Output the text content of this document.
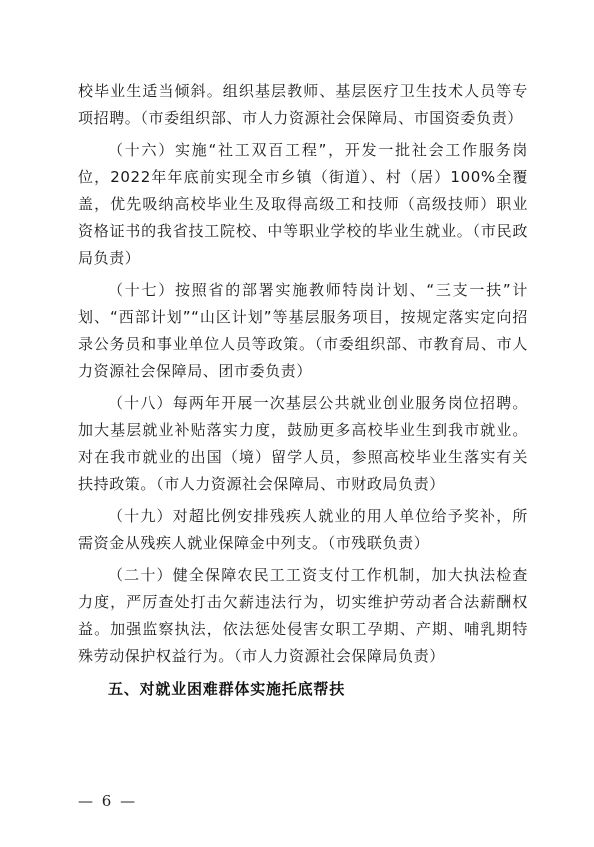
校毕业生适当倾斜。组织基层教师、基层医疗卫生技术人员等专项招聘。（市委组织部、市人力资源社会保障局、市国资委负责）

（十六）实施“社工双百工程”，开发一批社会工作服务岗位，2022年年底前实现全市乡镇（街道）、村（居）100%全覆盖，优先吸纳高校毕业生及取得高级工和技师（高级技师）职业资格证书的我省技工院校、中等职业学校的毕业生就业。（市民政局负责）

（十七）按照省的部署实施教师特岗计划、“三支一扶”计划、“西部计划”“山区计划”等基层服务项目，按规定落实定向招录公务员和事业单位人员等政策。（市委组织部、市教育局、市人力资源社会保障局、团市委负责）

（十八）每两年开展一次基层公共就业创业服务岗位招聘。加大基层就业补贴落实力度，鼓励更多高校毕业生到我市就业。对在我市就业的出国（境）留学人员，参照高校毕业生落实有关扶持政策。（市人力资源社会保障局、市财政局负责）

（十九）对超比例安排残疾人就业的用人单位给予奖补，所需资金从残疾人就业保障金中列支。（市残联负责）

（二十）健全保障农民工工资支付工作机制，加大执法检查力度，严厉查处打击欠薪违法行为，切实维护劳动者合法薪酬权益。加强监察执法，依法惩处侵害女职工孕期、产期、哺乳期特殊劳动保护权益行为。（市人力资源社会保障局负责）

五、对就业困难群体实施托底帮扶

— 6 —
